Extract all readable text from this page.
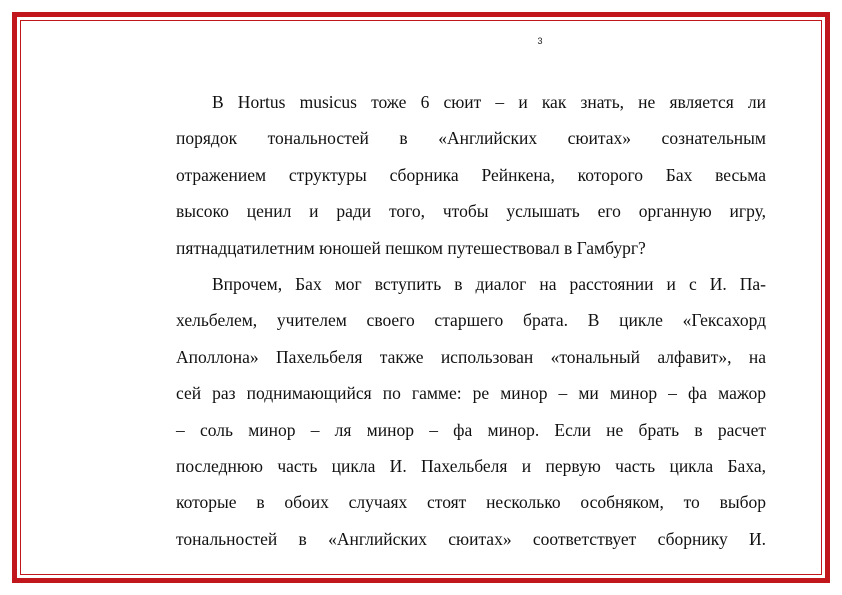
3
В Hortus musicus тоже 6 сюит – и как знать, не является ли
порядок тональностей в «Английских сюитах» сознательным
отражением структуры сборника Рейнкена, которого Бах весьма
высоко ценил и ради того, чтобы услышать его органную игру,
пятнадцатилетним юношей пешком путешествовал в Гамбург?
Впрочем, Бах мог вступить в диалог на расстоянии и с И. Па-
хельбелем, учителем своего старшего брата. В цикле «Гексахорд
Аполлона» Пахельбеля также использован «тональный алфавит», на
сей раз поднимающийся по гамме: ре минор – ми минор – фа мажор
– соль минор – ля минор – фа минор. Если не брать в расчет
последнюю часть цикла И. Пахельбеля и первую часть цикла Баха,
которые в обоих случаях стоят несколько особняком, то выбор
тональностей в «Английских сюитах» соответствует сборнику И.
